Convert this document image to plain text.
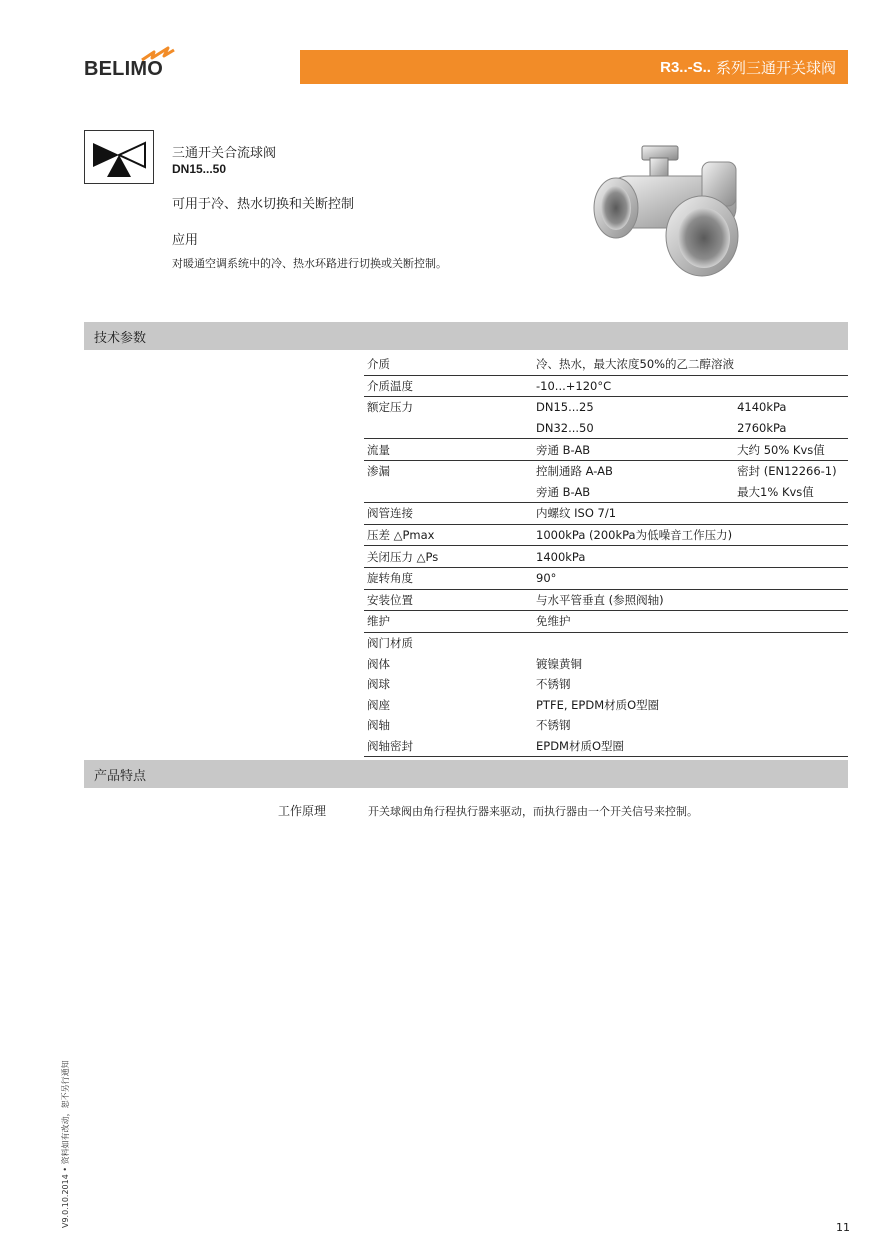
BELIMO	R3..-S.. 系列三通开关球阀
三通开关合流球阀
DN15...50
可用于冷、热水切换和关断控制
应用
对暖通空调系统中的冷、热水环路进行切换或关断控制。
技术参数
介质	冷、热水，最大浓度50%的乙二醇溶液	
介质温度	-10...+120°C	
额定压力	DN15...25	4140kPa
	DN32...50	2760kPa
流量	旁通 B-AB	大约 50% Kvs值
渗漏	控制通路 A-AB	密封 (EN12266-1)
	旁通 B-AB	最大1% Kvs值
阀管连接	内螺纹 ISO 7/1	
压差 △Pmax	1000kPa (200kPa为低噪音工作压力)	
关闭压力 △Ps	1400kPa	
旋转角度	90°	
安装位置	与水平管垂直 (参照阀轴)	
维护	免维护	
阀门材质		
阀体	镀镍黄铜	
阀球	不锈钢	
阀座	PTFE, EPDM材质O型圈	
阀轴	不锈钢	
阀轴密封	EPDM材质O型圈	
产品特点
工作原理	开关球阀由角行程执行器来驱动，而执行器由一个开关信号来控制。
V9.0.10.2014 • 资料如有改动，恕不另行通知	11
